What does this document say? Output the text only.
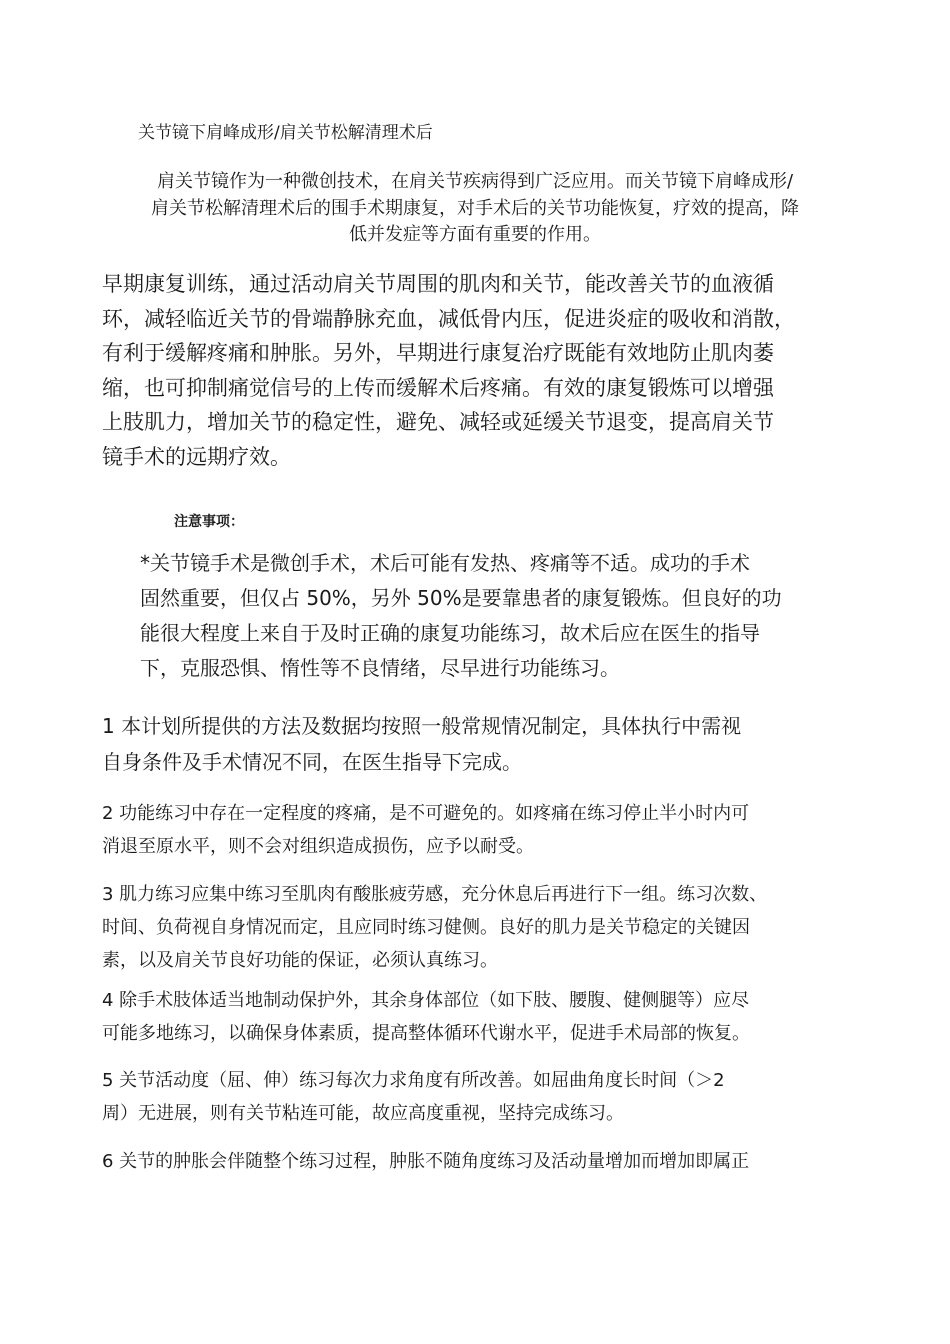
关节镜下肩峰成形/肩关节松解清理术后

肩关节镜作为一种微创技术，在肩关节疾病得到广泛应用。而关节镜下肩峰成形/
肩关节松解清理术后的围手术期康复，对手术后的关节功能恢复，疗效的提高，降
低并发症等方面有重要的作用。
早期康复训练，通过活动肩关节周围的肌肉和关节，能改善关节的血液循
环，减轻临近关节的骨端静脉充血，减低骨内压，促进炎症的吸收和消散，
有利于缓解疼痛和肿胀。另外，早期进行康复治疗既能有效地防止肌肉萎
缩，也可抑制痛觉信号的上传而缓解术后疼痛。有效的康复锻炼可以增强
上肢肌力，增加关节的稳定性，避免、减轻或延缓关节退变，提高肩关节
镜手术的远期疗效。

注意事项：

*关节镜手术是微创手术，术后可能有发热、疼痛等不适。成功的手术
固然重要，但仅占 50%，另外 50%是要靠患者的康复锻炼。但良好的功
能很大程度上来自于及时正确的康复功能练习，故术后应在医生的指导
下，克服恐惧、惰性等不良情绪，尽早进行功能练习。
1 本计划所提供的方法及数据均按照一般常规情况制定，具体执行中需视
自身条件及手术情况不同，在医生指导下完成。
2 功能练习中存在一定程度的疼痛，是不可避免的。如疼痛在练习停止半小时内可
消退至原水平，则不会对组织造成损伤，应予以耐受。
3 肌力练习应集中练习至肌肉有酸胀疲劳感，充分休息后再进行下一组。练习次数、
时间、负荷视自身情况而定，且应同时练习健侧。良好的肌力是关节稳定的关键因
素，以及肩关节良好功能的保证，必须认真练习。
4 除手术肢体适当地制动保护外，其余身体部位（如下肢、腰腹、健侧腿等）应尽
可能多地练习，以确保身体素质，提高整体循环代谢水平，促进手术局部的恢复。
5 关节活动度（屈、伸）练习每次力求角度有所改善。如屈曲角度长时间（＞2
周）无进展，则有关节粘连可能，故应高度重视，坚持完成练习。
6 关节的肿胀会伴随整个练习过程，肿胀不随角度练习及活动量增加而增加即属正
